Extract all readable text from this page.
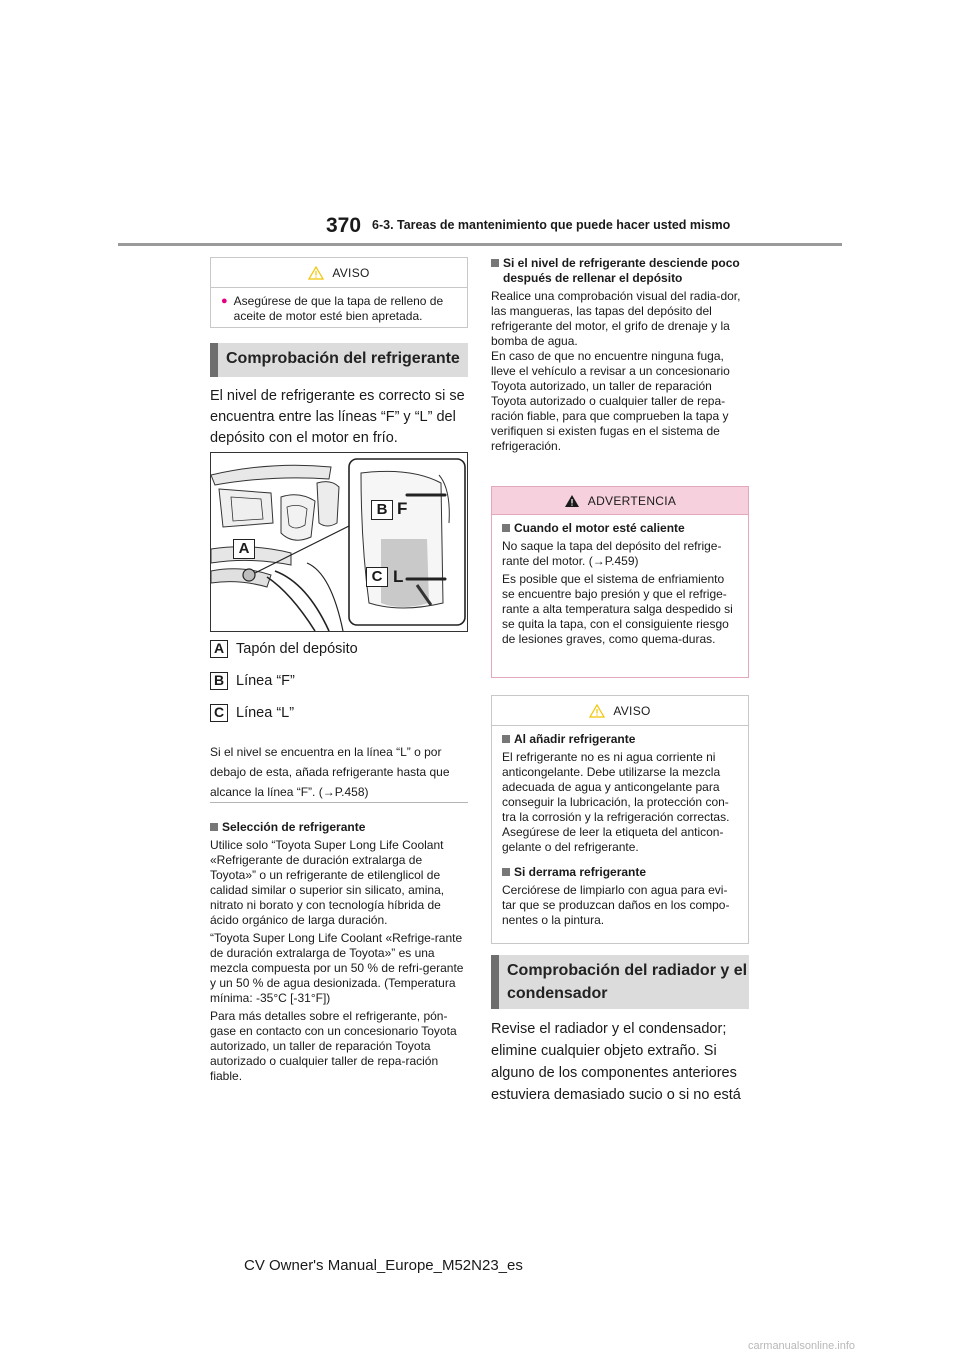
370 6-3. Tareas de mantenimiento que puede hacer usted mismo
AVISO
● Asegúrese de que la tapa de relleno de aceite de motor esté bien apretada.
Comprobación del refrigerante
El nivel de refrigerante es correcto si se encuentra entre las líneas “F” y “L” del depósito con el motor en frío.
A
B F
C L
A Tapón del depósito
B Línea “F”
C Línea “L”
Si el nivel se encuentra en la línea “L” o por debajo de esta, añada refrigerante hasta que alcance la línea “F”. (→P.458)
Selección de refrigerante

Utilice solo “Toyota Super Long Life Coolant «Refrigerante de duración extralarga de Toyota»” o un refrigerante de etilenglicol de calidad similar o superior sin silicato, amina, nitrato ni borato y con tecnología híbrida de ácido orgánico de larga duración.

“Toyota Super Long Life Coolant «Refrige-rante de duración extralarga de Toyota»” es una mezcla compuesta por un 50 % de refri-gerante y un 50 % de agua desionizada. (Temperatura mínima: -35°C [-31°F])

Para más detalles sobre el refrigerante, pón-gase en contacto con un concesionario Toyota autorizado, un taller de reparación Toyota autorizado o cualquier taller de repa-ración fiable.

Si el nivel de refrigerante desciende poco después de rellenar el depósito

Realice una comprobación visual del radia-dor, las mangueras, las tapas del depósito del refrigerante del motor, el grifo de drenaje y la bomba de agua.

En caso de que no encuentre ninguna fuga, lleve el vehículo a revisar a un concesionario Toyota autorizado, un taller de reparación Toyota autorizado o cualquier taller de repa-ración fiable, para que comprueben la tapa y verifiquen si existen fugas en el sistema de refrigeración.

ADVERTENCIA
Cuando el motor esté caliente

No saque la tapa del depósito del refrige-rante del motor. (→P.459)

Es posible que el sistema de enfriamiento se encuentre bajo presión y que el refrige-rante a alta temperatura salga despedido si se quita la tapa, con el consiguiente riesgo de lesiones graves, como quema-duras.

AVISO
Al añadir refrigerante

El refrigerante no es ni agua corriente ni anticongelante. Debe utilizarse la mezcla adecuada de agua y anticongelante para conseguir la lubricación, la protección con-tra la corrosión y la refrigeración correctas. Asegúrese de leer la etiqueta del anticon-gelante o del refrigerante.

Si derrama refrigerante

Cerciórese de limpiarlo con agua para evi-tar que se produzcan daños en los compo-nentes o la pintura.

Comprobación del radiador y el condensador
Revise el radiador y el condensador; elimine cualquier objeto extraño. Si alguno de los componentes anteriores estuviera demasiado sucio o si no está
CV Owner's Manual_Europe_M52N23_es
carmanualsonline.info
